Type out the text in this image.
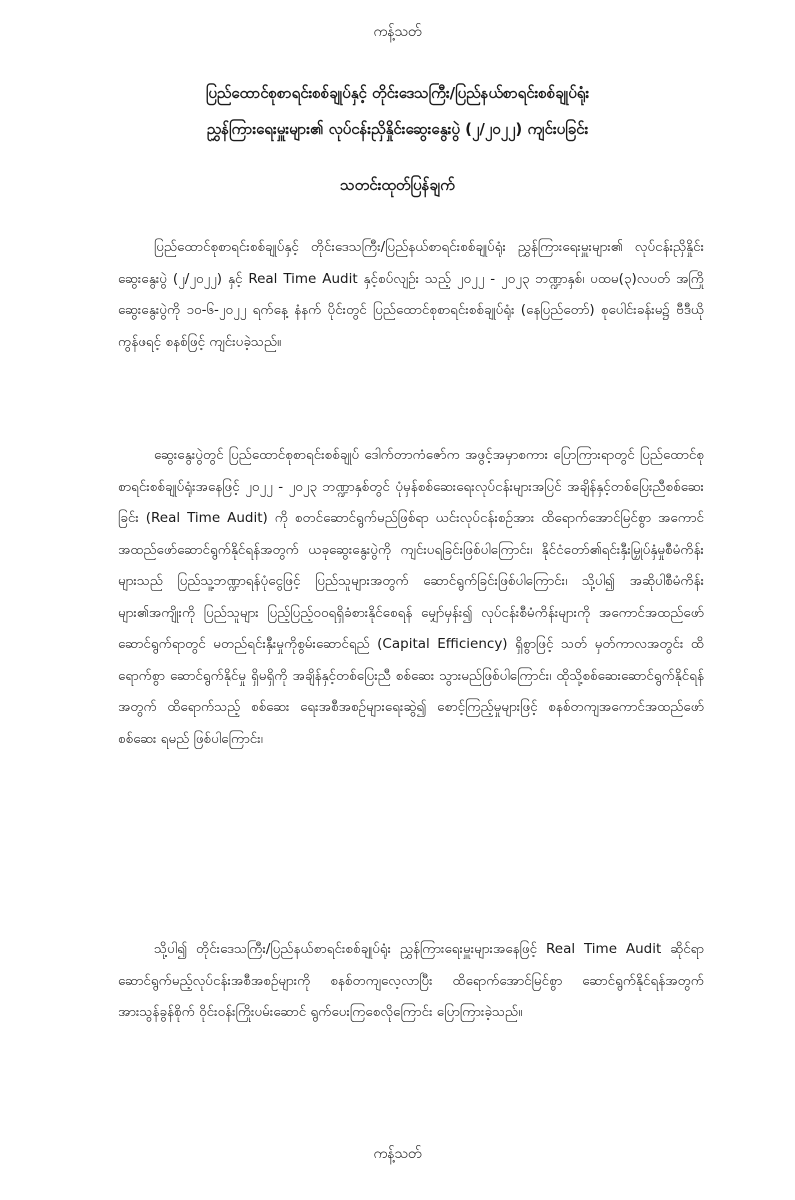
ကန့်သတ်
ပြည်ထောင်စုစာရင်းစစ်ချုပ်နှင့် တိုင်းဒေသကြီး/ပြည်နယ်စာရင်းစစ်ချုပ်ရုံး
ညွှန်ကြားရေးမှူးများ၏ လုပ်ငန်းညှိနှိုင်းဆွေးနွေးပွဲ (၂/၂၀၂၂) ကျင်းပခြင်း
သတင်းထုတ်ပြန်ချက်

ပြည်ထောင်စုစာရင်းစစ်ချုပ်နှင့် တိုင်းဒေသကြီး/ပြည်နယ်စာရင်းစစ်ချုပ်ရုံး ညွှန်ကြားရေးမှူးများ၏ လုပ်ငန်းညှိနှိုင်းဆွေးနွေးပွဲ (၂/၂၀၂၂) နှင့် Real Time Audit နှင့်စပ်လျဉ်း သည့် ၂၀၂၂ - ၂၀၂၃ ဘဏ္ဍာနှစ်၊ ပထမ(၃)လပတ် အကြိုဆွေးနွေးပွဲကို ၁၀-၆-၂၀၂၂ ရက်နေ့ နံနက် ပိုင်းတွင် ပြည်ထောင်စုစာရင်းစစ်ချုပ်ရုံး (နေပြည်တော်) စုပေါင်းခန်းမ၌ ဗီဒီယိုကွန်ဖရင့် စနစ်ဖြင့် ကျင်းပခဲ့သည်။

ဆွေးနွေးပွဲတွင် ပြည်ထောင်စုစာရင်းစစ်ချုပ် ဒေါက်တာကံဇော်က အဖွင့်အမှာစကား ပြောကြားရာတွင် ပြည်ထောင်စုစာရင်းစစ်ချုပ်ရုံးအနေဖြင့် ၂၀၂၂ - ၂၀၂၃ ဘဏ္ဍာနှစ်တွင် ပုံမှန်စစ်ဆေးရေးလုပ်ငန်းများအပြင် အချိန်နှင့်တစ်ပြေးညီစစ်ဆေးခြင်း (Real Time Audit) ကို စတင်ဆောင်ရွက်မည်ဖြစ်ရာ ယင်းလုပ်ငန်းစဉ်အား ထိရောက်အောင်မြင်စွာ အကောင် အထည်ဖော်ဆောင်ရွက်နိုင်ရန်အတွက် ယခုဆွေးနွေးပွဲကို ကျင်းပရခြင်းဖြစ်ပါကြောင်း၊ နိုင်ငံတော်၏ရင်းနှီးမြှုပ်နှံမှုစီမံကိန်းများသည် ပြည်သူ့ဘဏ္ဍာရန်ပုံငွေဖြင့် ပြည်သူများအတွက် ဆောင်ရွက်ခြင်းဖြစ်ပါကြောင်း၊ သို့ပါ၍ အဆိုပါစီမံကိန်းများ၏အကျိုးကို ပြည်သူများ ပြည့်ပြည့်ဝဝရရှိခံစားနိုင်စေရန် မျှော်မှန်း၍ လုပ်ငန်းစီမံကိန်းများကို အကောင်အထည်ဖော် ဆောင်ရွက်ရာတွင် မတည်ရင်းနှီးမှုကိုစွမ်းဆောင်ရည် (Capital Efficiency) ရှိစွာဖြင့် သတ် မှတ်ကာလအတွင်း ထိရောက်စွာ ဆောင်ရွက်နိုင်မှု ရှိမရှိကို အချိန်နှင့်တစ်ပြေးညီ စစ်ဆေး သွားမည်ဖြစ်ပါကြောင်း၊ ထိုသို့စစ်ဆေးဆောင်ရွက်နိုင်ရန်အတွက် ထိရောက်သည့် စစ်ဆေး ရေးအစီအစဉ်များရေးဆွဲ၍ စောင့်ကြည့်မှုများဖြင့် စနစ်တကျအကောင်အထည်ဖော် စစ်ဆေး ရမည် ဖြစ်ပါကြောင်း၊

သို့ပါ၍ တိုင်းဒေသကြီး/ပြည်နယ်စာရင်းစစ်ချုပ်ရုံး ညွှန်ကြားရေးမှူးများအနေဖြင့် Real Time Audit ဆိုင်ရာ ဆောင်ရွက်မည့်လုပ်ငန်းအစီအစဉ်များကို စနစ်တကျလေ့လာပြီး ထိရောက်အောင်မြင်စွာ ဆောင်ရွက်နိုင်ရန်အတွက် အားသွန်ခွန်စိုက် ဝိုင်းဝန်းကြိုးပမ်းဆောင် ရွက်ပေးကြစေလိုကြောင်း ပြောကြားခဲ့သည်။

ကန့်သတ်
